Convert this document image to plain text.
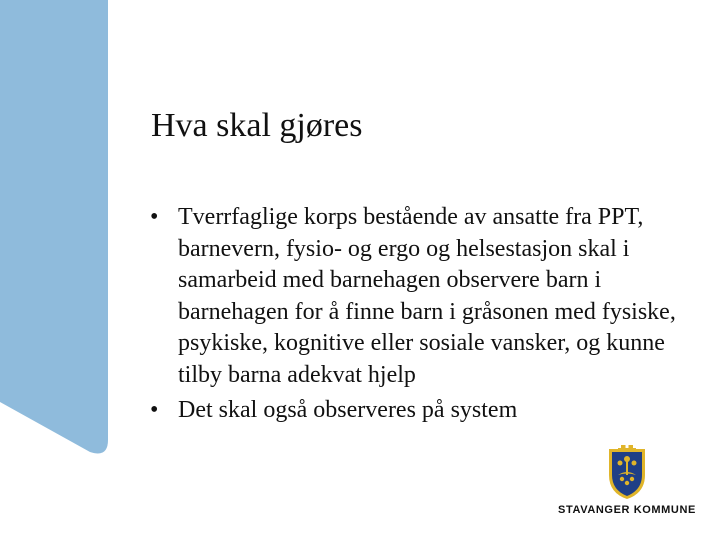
Hva skal gjøres
• Tverrfaglige korps bestående av ansatte fra PPT, barnevern, fysio- og ergo og helsestasjon skal i samarbeid med barnehagen observere barn i barnehagen for å finne barn i gråsonen med fysiske, psykiske, kognitive eller sosiale vansker, og kunne tilby barna adekvat hjelp
• Det skal også observeres på system
STAVANGER KOMMUNE
